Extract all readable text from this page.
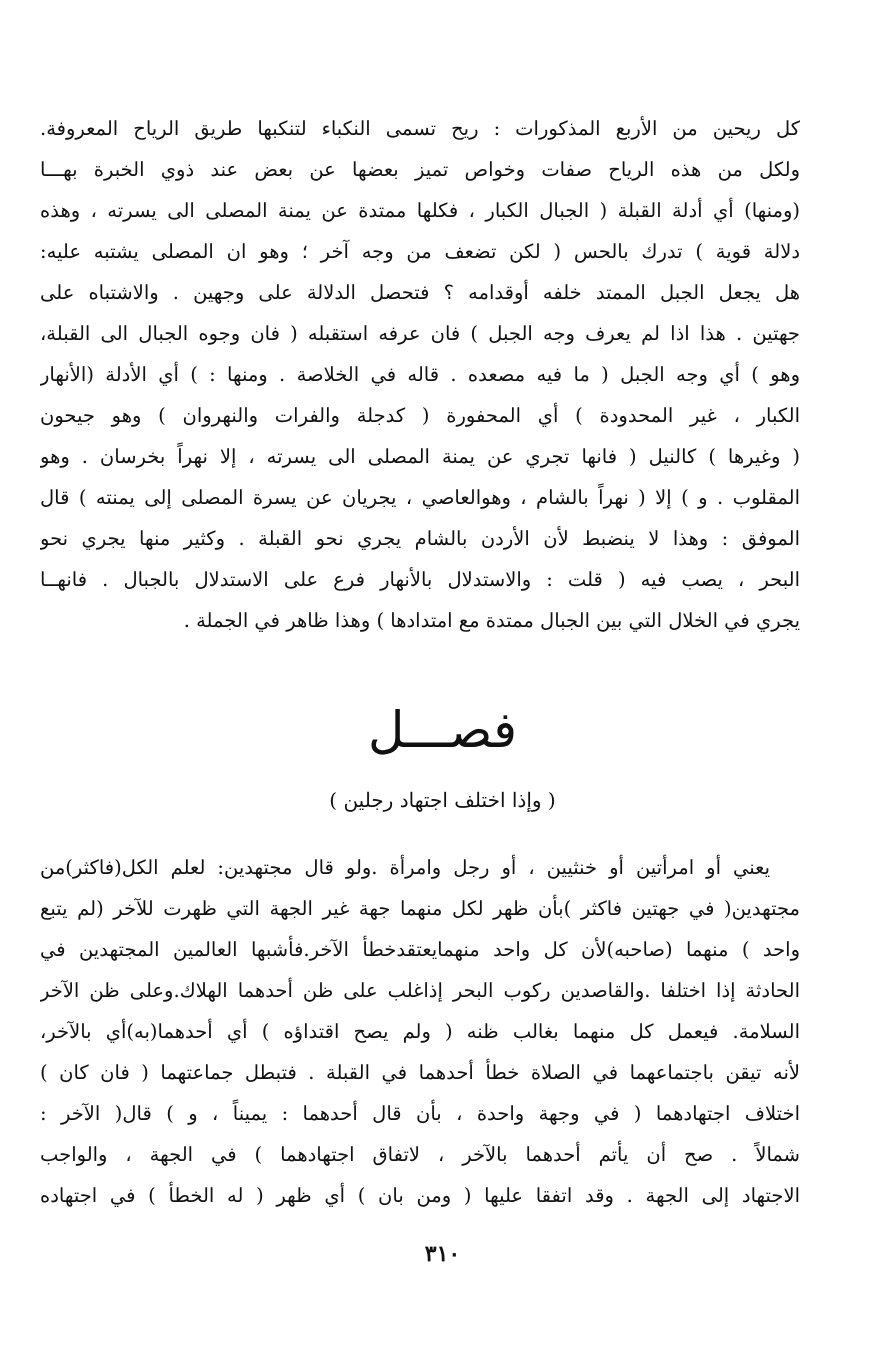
كل ريحين من الأربع المذكورات : ريح تسمى النكباء لتنكبها طريق الرياح المعروفة.
ولكل من هذه الرياح صفات وخواص تميز بعضها عن بعض عند ذوي الخبرة بهـــا
(ومنها) أي أدلة القبلة ( الجبال الكبار ، فكلها ممتدة عن يمنة المصلى الى يسرته ، وهذه
دلالة قوية ) تدرك بالحس ( لكن تضعف من وجه آخر ؛ وهو ان المصلى يشتبه عليه:
هل يجعل الجبل الممتد خلفه أوقدامه ؟ فتحصل الدلالة على وجهين . والاشتباه على
جهتين . هذا اذا لم يعرف وجه الجبل ) فان عرفه استقبله ( فان وجوه الجبال الى القبلة،
وهو ) أي وجه الجبل ( ما فيه مصعده . قاله في الخلاصة . ومنها : ) أي الأدلة (الأنهار
الكبار ، غير المحدودة ) أي المحفورة ( كدجلة والفرات والنهروان ) وهو جيحون
( وغيرها ) كالنيل ( فانها تجري عن يمنة المصلى الى يسرته ، إلا نهراً بخرسان . وهو
المقلوب . و ) إلا ( نهراً بالشام ، وهوالعاصي ، يجريان عن يسرة المصلى إلى يمنته ) قال
الموفق : وهذا لا ينضبط لأن الأردن بالشام يجري نحو القبلة . وكثير منها يجري نحو
البحر ، يصب فيه ( قلت : والاستدلال بالأنهار فرع على الاستدلال بالجبال . فانهــا
يجري في الخلال التي بين الجبال ممتدة مع امتدادها ) وهذا ظاهر في الجملة .
فصـــل
( وإذا اختلف اجتهاد رجلين )
يعني أو امرأتين أو خنثيين ، أو رجل وامرأة .ولو قال مجتهدين: لعلم الكل(فاكثر)من
مجتهدين( في جهتين فاكثر )بأن ظهر لكل منهما جهة غير الجهة التي ظهرت للآخر (لم يتبع
واحد ) منهما (صاحبه)لأن كل واحد منهمايعتقدخطأ الآخر.فأشبها العالمين المجتهدين في
الحادثة إذا اختلفا .والقاصدين ركوب البحر إذاغلب على ظن أحدهما الهلاك.وعلى ظن الآخر
السلامة. فيعمل كل منهما بغالب ظنه ( ولم يصح اقتداؤه ) أي أحدهما(به)أي بالآخر،
لأنه تيقن باجتماعهما في الصلاة خطأ أحدهما في القبلة . فتبطل جماعتهما ( فان كان )
اختلاف اجتهادهما ( في وجهة واحدة ، بأن قال أحدهما : يميناً ، و ) قال( الآخر :
شمالاً . صح أن يأتم أحدهما بالآخر ، لاتفاق اجتهادهما ) في الجهة ، والواجب
الاجتهاد إلى الجهة . وقد اتفقا عليها ( ومن بان ) أي ظهر ( له الخطأ ) في اجتهاده
٣١٠
